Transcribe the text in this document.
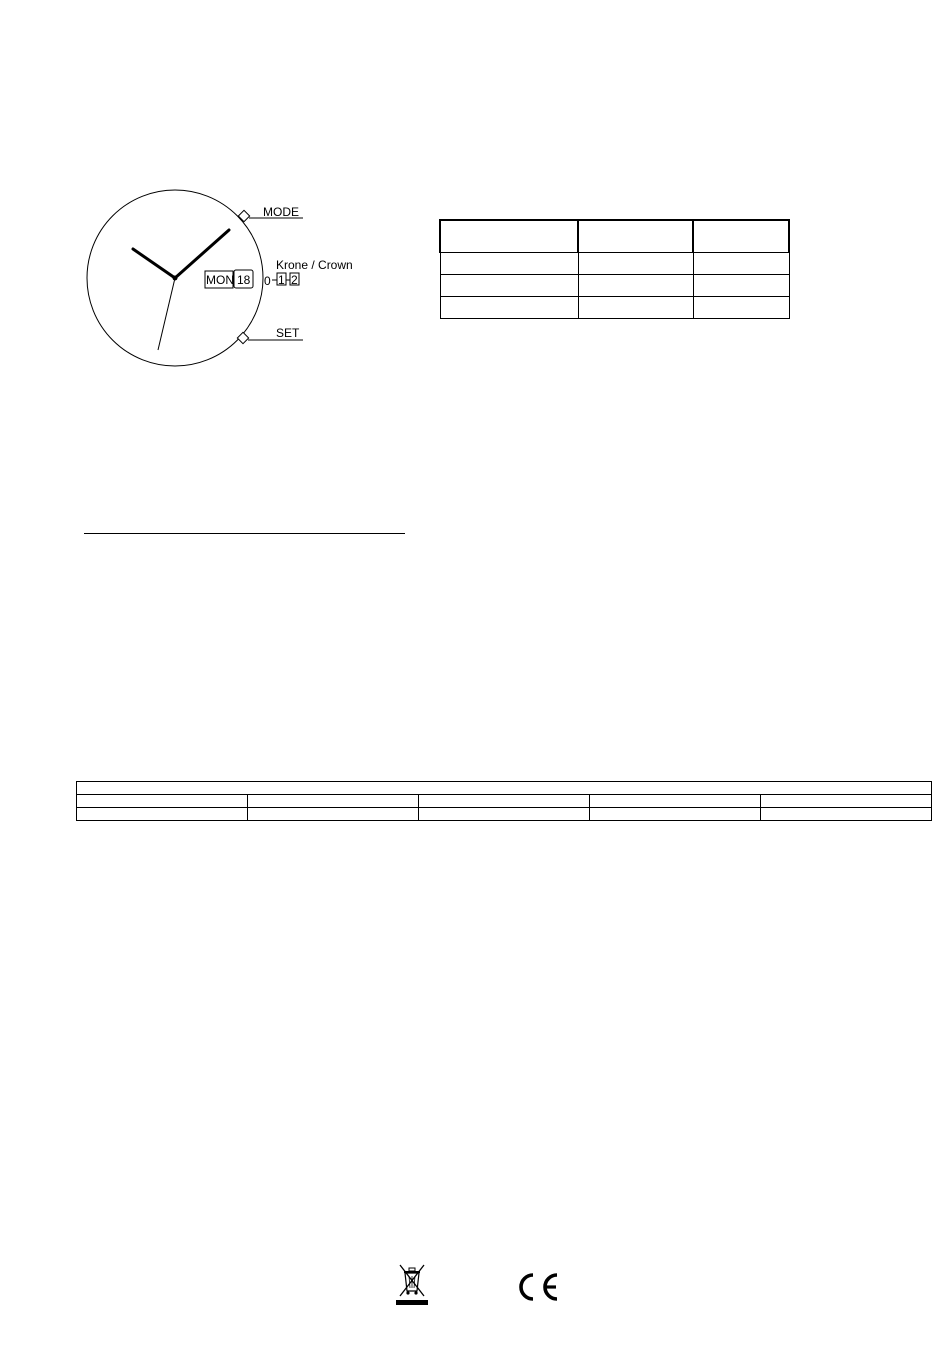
MODE
SET
Krone / Crown
MON 18 0 1 2
